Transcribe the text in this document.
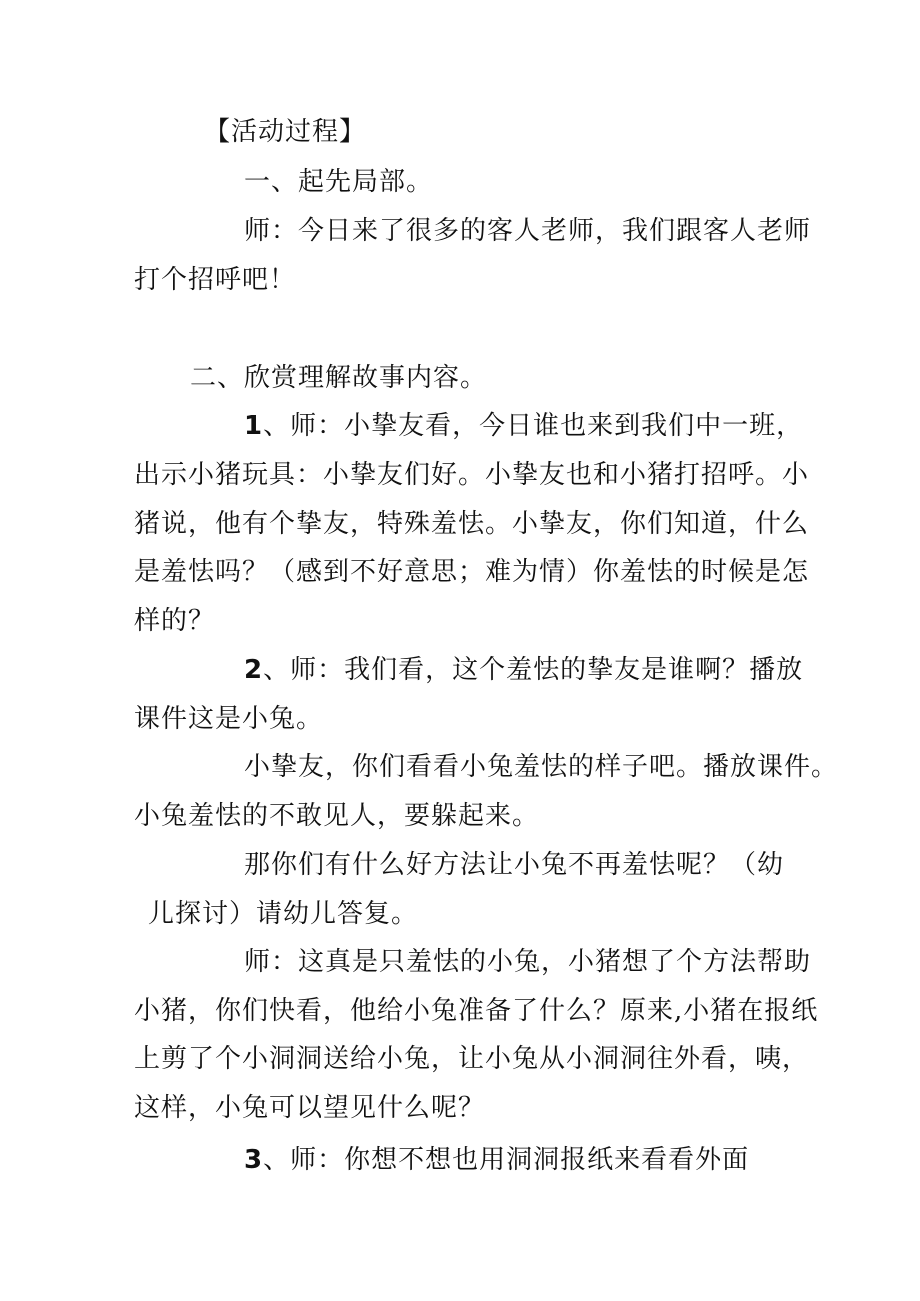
【活动过程】

一、起先局部。

师：今日来了很多的客人老师，我们跟客人老师

打个招呼吧！

二、欣赏理解故事内容。

1、师：小挚友看，今日谁也来到我们中一班，

出示小猪玩具：小挚友们好。小挚友也和小猪打招呼。小

猪说，他有个挚友，特殊羞怯。小挚友，你们知道，什么

是羞怯吗？（感到不好意思；难为情）你羞怯的时候是怎

样的？

2、师：我们看，这个羞怯的挚友是谁啊？播放

课件这是小兔。

小挚友，你们看看小兔羞怯的样子吧。播放课件。

小兔羞怯的不敢见人，要躲起来。

那你们有什么好方法让小兔不再羞怯呢？（幼

儿探讨）请幼儿答复。

师：这真是只羞怯的小兔，小猪想了个方法帮助

小猪，你们快看，他给小兔准备了什么？原来,小猪在报纸

上剪了个小洞洞送给小兔，让小兔从小洞洞往外看，咦，

这样，小兔可以望见什么呢？

3、师：你想不想也用洞洞报纸来看看外面
